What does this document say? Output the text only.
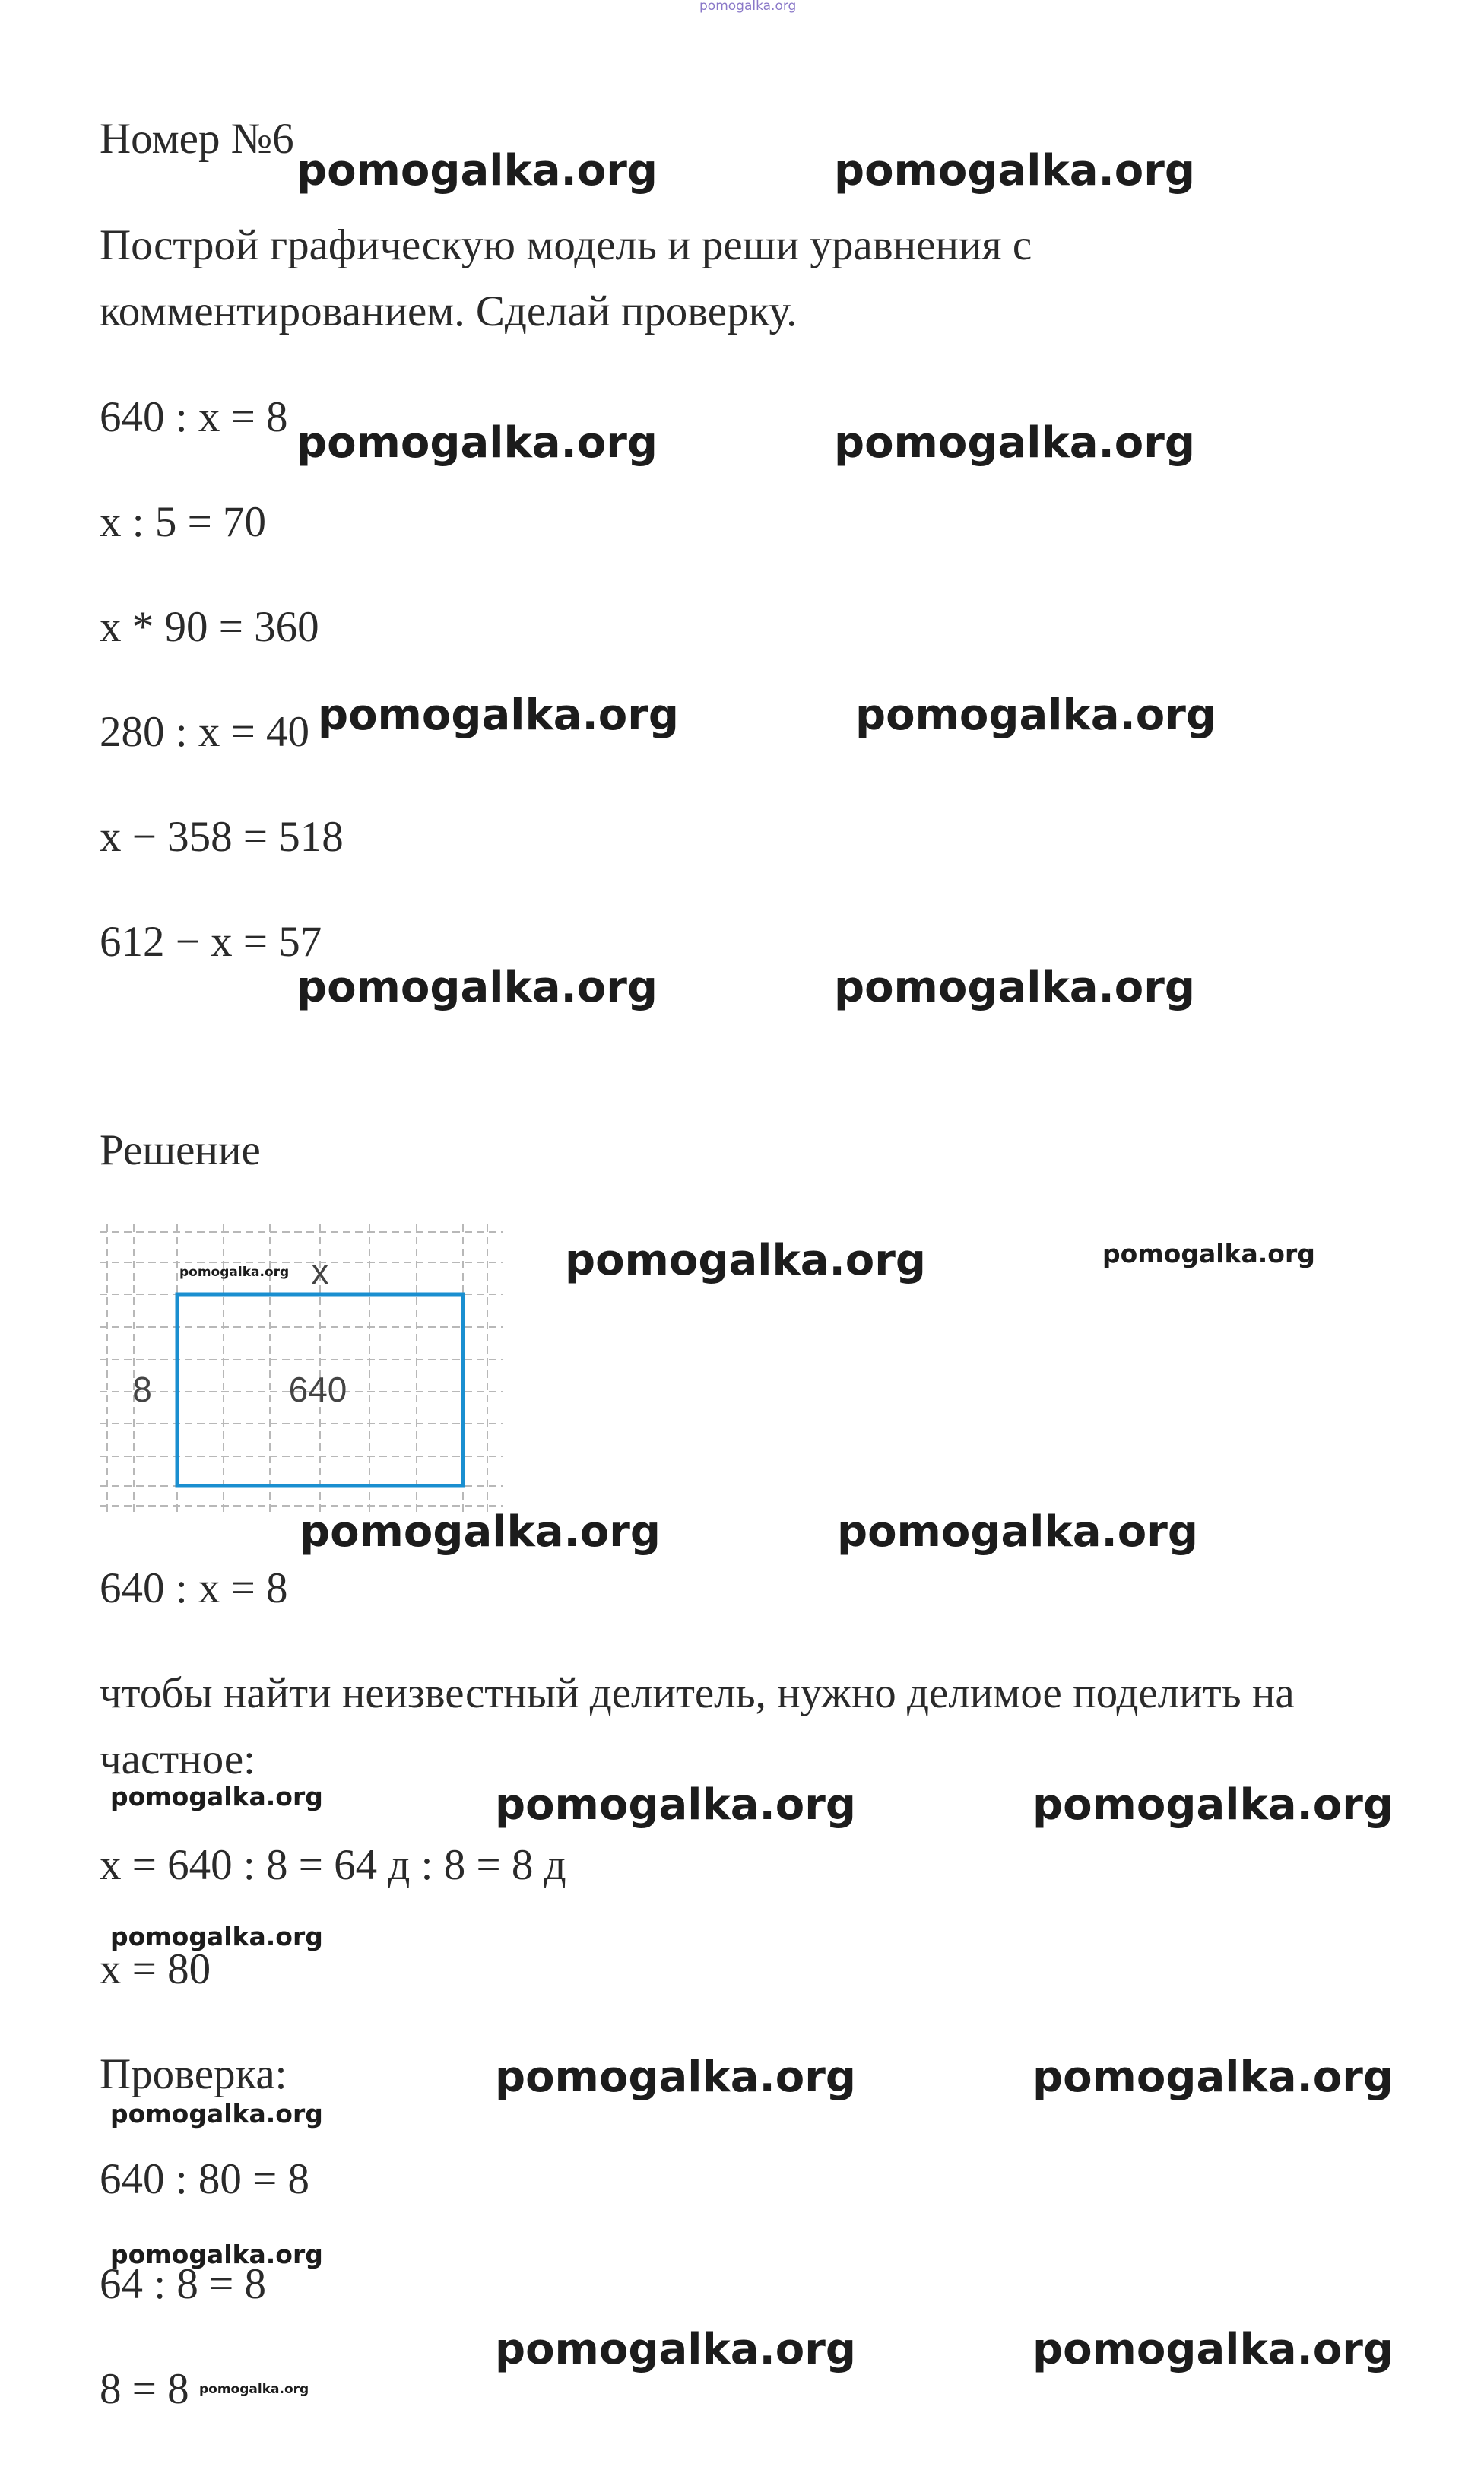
pomogalka.org
Номер №6
Построй графическую модель и реши уравнения с
комментированием. Сделай проверку.
640 : x = 8
x : 5 = 70
x * 90 = 360
280 : x = 40
x − 358 = 518
612 − x = 57
Решение
x
8	640
pomogalka.org
640 : x = 8
чтобы найти неизвестный делитель, нужно делимое поделить на
частное:
x = 640 : 8 = 64 д : 8 = 8 д
x = 80
Проверка:
640 : 80 = 8
64 : 8 = 8
8 = 8
pomogalka.org	pomogalka.org
pomogalka.org	pomogalka.org
pomogalka.org	pomogalka.org
pomogalka.org	pomogalka.org
pomogalka.org	pomogalka.org
pomogalka.org	pomogalka.org
pomogalka.org	pomogalka.org	pomogalka.org
pomogalka.org
pomogalka.org	pomogalka.org
pomogalka.org
pomogalka.org
pomogalka.org	pomogalka.org
pomogalka.org
